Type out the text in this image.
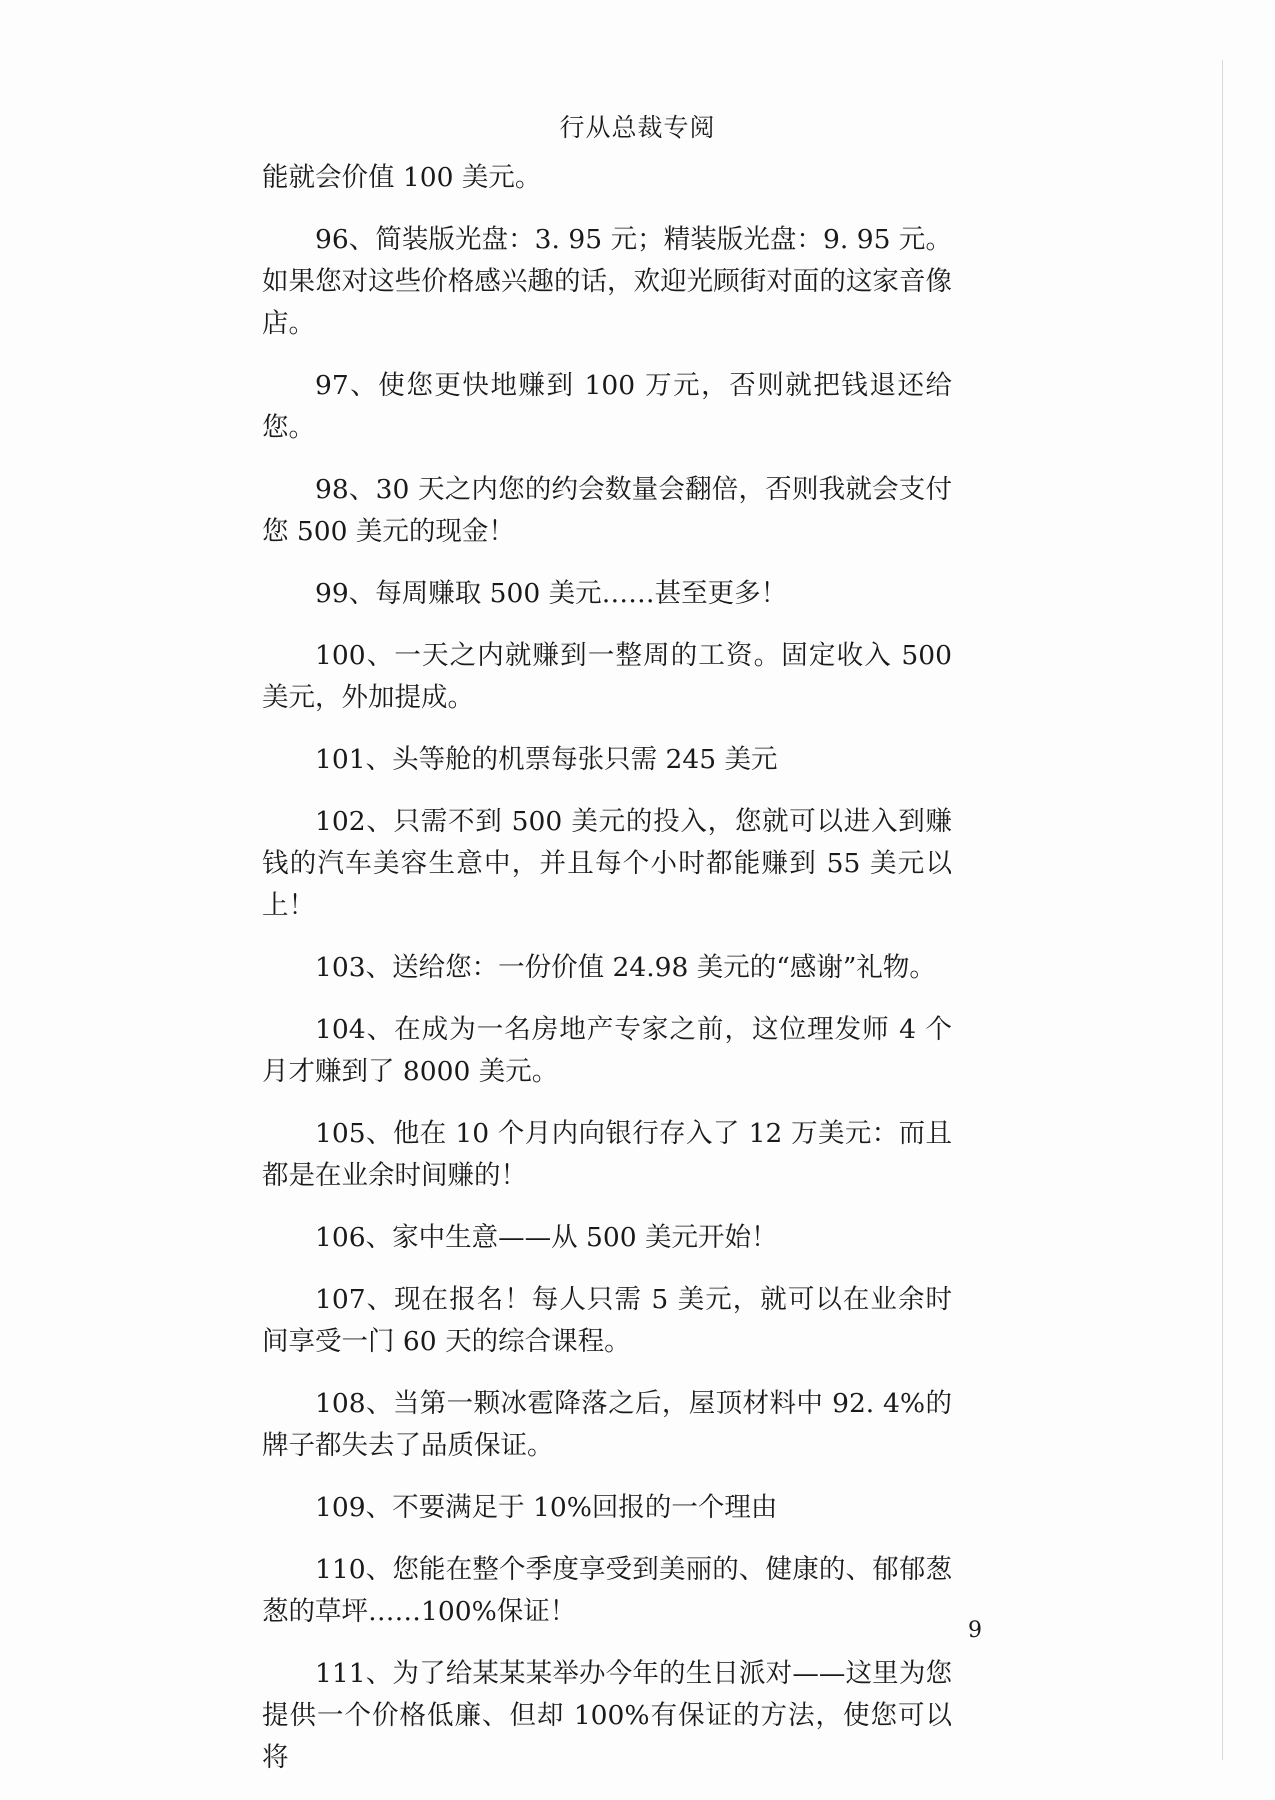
行从总裁专阅

能就会价值 100 美元。

96、简装版光盘：3. 95 元；精装版光盘：9. 95 元。如果您对这些价格感兴趣的话，欢迎光顾街对面的这家音像店。

97、使您更快地赚到 100 万元，否则就把钱退还给您。

98、30 天之内您的约会数量会翻倍，否则我就会支付您 500 美元的现金！

99、每周赚取 500 美元……甚至更多！

100、一天之内就赚到一整周的工资。固定收入 500 美元，外加提成。

101、头等舱的机票每张只需 245 美元

102、只需不到 500 美元的投入，您就可以进入到赚钱的汽车美容生意中，并且每个小时都能赚到 55 美元以上！

103、送给您：一份价值 24.98 美元的“感谢”礼物。

104、在成为一名房地产专家之前，这位理发师 4 个月才赚到了 8000 美元。

105、他在 10 个月内向银行存入了 12 万美元：而且都是在业余时间赚的！

106、家中生意——从 500 美元开始！

107、现在报名！每人只需 5 美元，就可以在业余时间享受一门 60 天的综合课程。

108、当第一颗冰雹降落之后，屋顶材料中 92. 4%的牌子都失去了品质保证。

109、不要满足于 10%回报的一个理由

110、您能在整个季度享受到美丽的、健康的、郁郁葱葱的草坪……100%保证！

111、为了给某某某举办今年的生日派对——这里为您提供一个价格低廉、但却 100%有保证的方法，使您可以将

9
